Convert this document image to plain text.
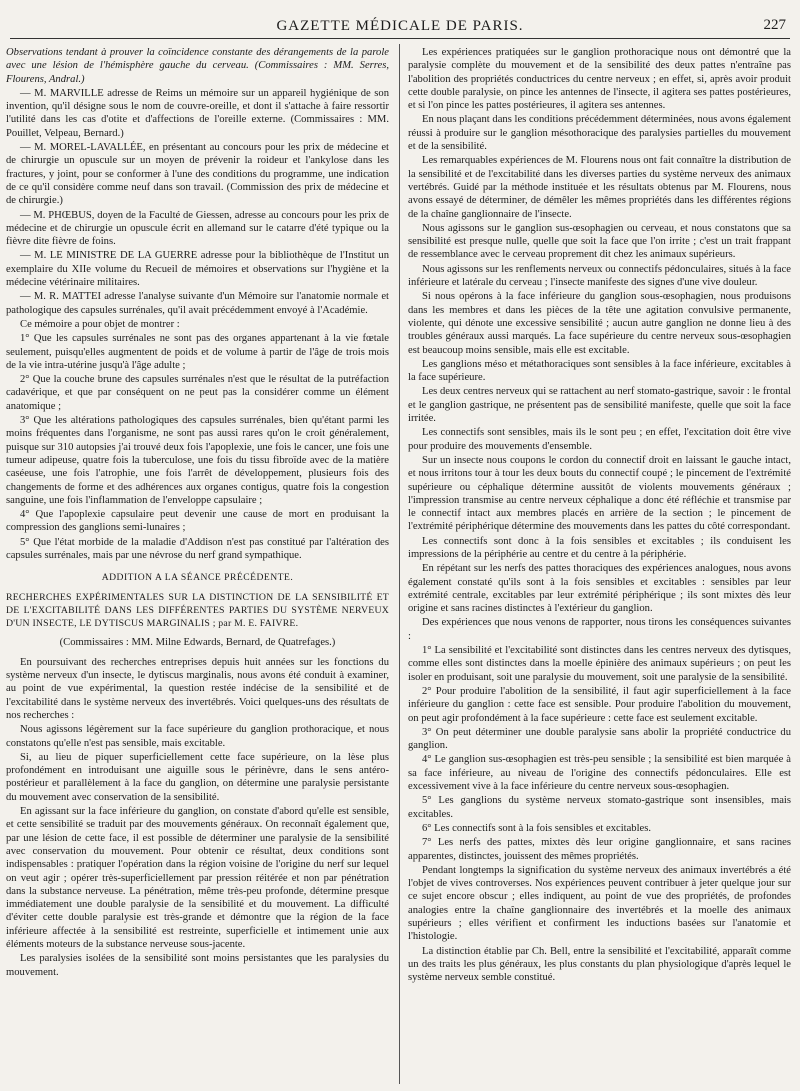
GAZETTE MÉDICALE DE PARIS.	227

Observations tendant à prouver la coïncidence constante des dérangements de la parole avec une lésion de l'hémisphère gauche du cerveau. (Commissaires : MM. Serres, Flourens, Andral.)

— M. MARVILLE adresse de Reims un mémoire sur un appareil hygiénique de son invention, qu'il désigne sous le nom de couvre-oreille, et dont il s'attache à faire ressortir l'utilité dans les cas d'otite et d'affections de l'oreille externe. (Commissaires : MM. Pouillet, Velpeau, Bernard.)

— M. MOREL-LAVALLÉE, en présentant au concours pour les prix de médecine et de chirurgie un opuscule sur un moyen de prévenir la roideur et l'ankylose dans les fractures, y joint, pour se conformer à l'une des conditions du programme, une indication de ce qu'il considère comme neuf dans son travail. (Commission des prix de médecine et de chirurgie.)

— M. PHŒBUS, doyen de la Faculté de Giessen, adresse au concours pour les prix de médecine et de chirurgie un opuscule écrit en allemand sur le catarre d'été typique ou la fièvre dite fièvre de foins.

— M. LE MINISTRE DE LA GUERRE adresse pour la bibliothèque de l'Institut un exemplaire du XIIe volume du Recueil de mémoires et observations sur l'hygiène et la médecine vétérinaire militaires.

— M. R. MATTEI adresse l'analyse suivante d'un Mémoire sur l'anatomie normale et pathologique des capsules surrénales, qu'il avait précédemment envoyé à l'Académie.

Ce mémoire a pour objet de montrer :

1° Que les capsules surrénales ne sont pas des organes appartenant à la vie fœtale seulement, puisqu'elles augmentent de poids et de volume à partir de l'âge de trois mois de la vie intra-utérine jusqu'à l'âge adulte ;

2° Que la couche brune des capsules surrénales n'est que le résultat de la putréfaction cadavérique, et que par conséquent on ne peut pas la considérer comme un élément anatomique ;

3° Que les altérations pathologiques des capsules surrénales, bien qu'étant parmi les moins fréquentes dans l'organisme, ne sont pas aussi rares qu'on le croit généralement, puisque sur 310 autopsies j'ai trouvé deux fois l'apoplexie, une fois le cancer, une fois une tumeur adipeuse, quatre fois la tuberculose, une fois du tissu fibroïde avec de la matière caséeuse, une fois l'atrophie, une fois l'arrêt de développement, plusieurs fois des changements de forme et des adhérences aux organes contigus, quatre fois la congestion sanguine, une fois l'inflammation de l'enveloppe capsulaire ;

4° Que l'apoplexie capsulaire peut devenir une cause de mort en produisant la compression des ganglions semi-lunaires ;

5° Que l'état morbide de la maladie d'Addison n'est pas constitué par l'altération des capsules surrénales, mais par une névrose du nerf grand sympathique.

ADDITION A LA SÉANCE PRÉCÉDENTE.

RECHERCHES EXPÉRIMENTALES SUR LA DISTINCTION DE LA SENSIBILITÉ ET DE L'EXCITABILITÉ DANS LES DIFFÉRENTES PARTIES DU SYSTÈME NERVEUX D'UN INSECTE, LE DYTISCUS MARGINALIS ; par M. E. FAIVRE.

(Commissaires : MM. Milne Edwards, Bernard, de Quatrefages.)

En poursuivant des recherches entreprises depuis huit années sur les fonctions du système nerveux d'un insecte, le dytiscus marginalis, nous avons été conduit à examiner, au point de vue expérimental, la question restée indécise de la sensibilité et de l'excitabilité dans le système nerveux des invertébrés. Voici quelques-uns des résultats de nos recherches :

Nous agissons légèrement sur la face supérieure du ganglion prothoracique, et nous constatons qu'elle n'est pas sensible, mais excitable.

Si, au lieu de piquer superficiellement cette face supérieure, on la lèse plus profondément en introduisant une aiguille sous le périnèvre, dans le sens antéro-postérieur et parallèlement à la face du ganglion, on détermine une paralysie persistante du mouvement avec conservation de la sensibilité.

En agissant sur la face inférieure du ganglion, on constate d'abord qu'elle est sensible, et cette sensibilité se traduit par des mouvements généraux. On reconnaît également que, par une lésion de cette face, il est possible de déterminer une paralysie de la sensibilité avec conservation du mouvement. Pour obtenir ce résultat, deux conditions sont indispensables : pratiquer l'opération dans la région voisine de l'origine du nerf sur lequel on veut agir ; opérer très-superficiellement par pression réitérée et non par pénétration dans la substance nerveuse. La pénétration, même très-peu profonde, détermine presque immédiatement une double paralysie de la sensibilité et du mouvement. La difficulté d'éviter cette double paralysie est très-grande et démontre que la région de la face inférieure affectée à la sensibilité est restreinte, superficielle et intimement unie aux éléments moteurs de la substance nerveuse sous-jacente.

Les paralysies isolées de la sensibilité sont moins persistantes que les paralysies du mouvement.

Les expériences pratiquées sur le ganglion prothoracique nous ont démontré que la paralysie complète du mouvement et de la sensibilité des deux pattes n'entraîne pas l'abolition des propriétés conductrices du centre nerveux ; en effet, si, après avoir produit cette double paralysie, on pince les antennes de l'insecte, il agitera ses pattes postérieures, et si l'on pince les pattes postérieures, il agitera ses antennes.

En nous plaçant dans les conditions précédemment déterminées, nous avons également réussi à produire sur le ganglion mésothoracique des paralysies partielles du mouvement et de la sensibilité.

Les remarquables expériences de M. Flourens nous ont fait connaître la distribution de la sensibilité et de l'excitabilité dans les diverses parties du système nerveux des animaux vertébrés. Guidé par la méthode instituée et les résultats obtenus par M. Flourens, nous avons essayé de déterminer, de démêler les mêmes propriétés dans les différentes régions de la chaîne ganglionnaire de l'insecte.

Nous agissons sur le ganglion sus-œsophagien ou cerveau, et nous constatons que sa sensibilité est presque nulle, quelle que soit la face que l'on irrite ; c'est un trait frappant de ressemblance avec le cerveau proprement dit chez les animaux supérieurs.

Nous agissons sur les renflements nerveux ou connectifs pédonculaires, situés à la face inférieure et latérale du cerveau ; l'insecte manifeste des signes d'une vive douleur.

Si nous opérons à la face inférieure du ganglion sous-œsophagien, nous produisons dans les membres et dans les pièces de la tête une agitation convulsive permanente, violente, qui dénote une excessive sensibilité ; aucun autre ganglion ne donne lieu à des troubles généraux aussi marqués. La face supérieure du centre nerveux sous-œsophagien est beaucoup moins sensible, mais elle est excitable.

Les ganglions méso et métathoraciques sont sensibles à la face inférieure, excitables à la face supérieure.

Les deux centres nerveux qui se rattachent au nerf stomato-gastrique, savoir : le frontal et le ganglion gastrique, ne présentent pas de sensibilité manifeste, quelle que soit la face irritée.

Les connectifs sont sensibles, mais ils le sont peu ; en effet, l'excitation doit être vive pour produire des mouvements d'ensemble.

Sur un insecte nous coupons le cordon du connectif droit en laissant le gauche intact, et nous irritons tour à tour les deux bouts du connectif coupé ; le pincement de l'extrémité supérieure ou céphalique détermine aussitôt de violents mouvements généraux ; l'impression transmise au centre nerveux céphalique a donc été réfléchie et transmise par le connectif intact aux membres placés en arrière de la section ; le pincement de l'extrémité périphérique détermine des mouvements dans les pattes du côté correspondant.

Les connectifs sont donc à la fois sensibles et excitables ; ils conduisent les impressions de la périphérie au centre et du centre à la périphérie.

En répétant sur les nerfs des pattes thoraciques des expériences analogues, nous avons également constaté qu'ils sont à la fois sensibles et excitables : sensibles par leur extrémité centrale, excitables par leur extrémité périphérique ; ils sont mixtes dès leur origine et sans racines distinctes à l'extérieur du ganglion.

Des expériences que nous venons de rapporter, nous tirons les conséquences suivantes :

1° La sensibilité et l'excitabilité sont distinctes dans les centres nerveux des dytisques, comme elles sont distinctes dans la moelle épinière des animaux supérieurs ; on peut les isoler en produisant, soit une paralysie du mouvement, soit une paralysie de la sensibilité.

2° Pour produire l'abolition de la sensibilité, il faut agir superficiellement à la face inférieure du ganglion : cette face est sensible. Pour produire l'abolition du mouvement, on peut agir profondément à la face supérieure : cette face est seulement excitable.

3° On peut déterminer une double paralysie sans abolir la propriété conductrice du ganglion.

4° Le ganglion sus-œsophagien est très-peu sensible ; la sensibilité est bien marquée à sa face inférieure, au niveau de l'origine des connectifs pédonculaires. Elle est excessivement vive à la face inférieure du centre nerveux sous-œsophagien.

5° Les ganglions du système nerveux stomato-gastrique sont insensibles, mais excitables.

6° Les connectifs sont à la fois sensibles et excitables.

7° Les nerfs des pattes, mixtes dès leur origine ganglionnaire, et sans racines apparentes, distinctes, jouissent des mêmes propriétés.

Pendant longtemps la signification du système nerveux des animaux invertébrés a été l'objet de vives controverses. Nos expériences peuvent contribuer à jeter quelque jour sur ce sujet encore obscur ; elles indiquent, au point de vue des propriétés, de profondes analogies entre la chaîne ganglionnaire des invertébrés et la moelle des animaux supérieurs ; elles vérifient et confirment les inductions basées sur l'anatomie et l'histologie.

La distinction établie par Ch. Bell, entre la sensibilité et l'excitabilité, apparaît comme un des traits les plus généraux, les plus constants du plan physiologique d'après lequel le système nerveux semble constitué.
